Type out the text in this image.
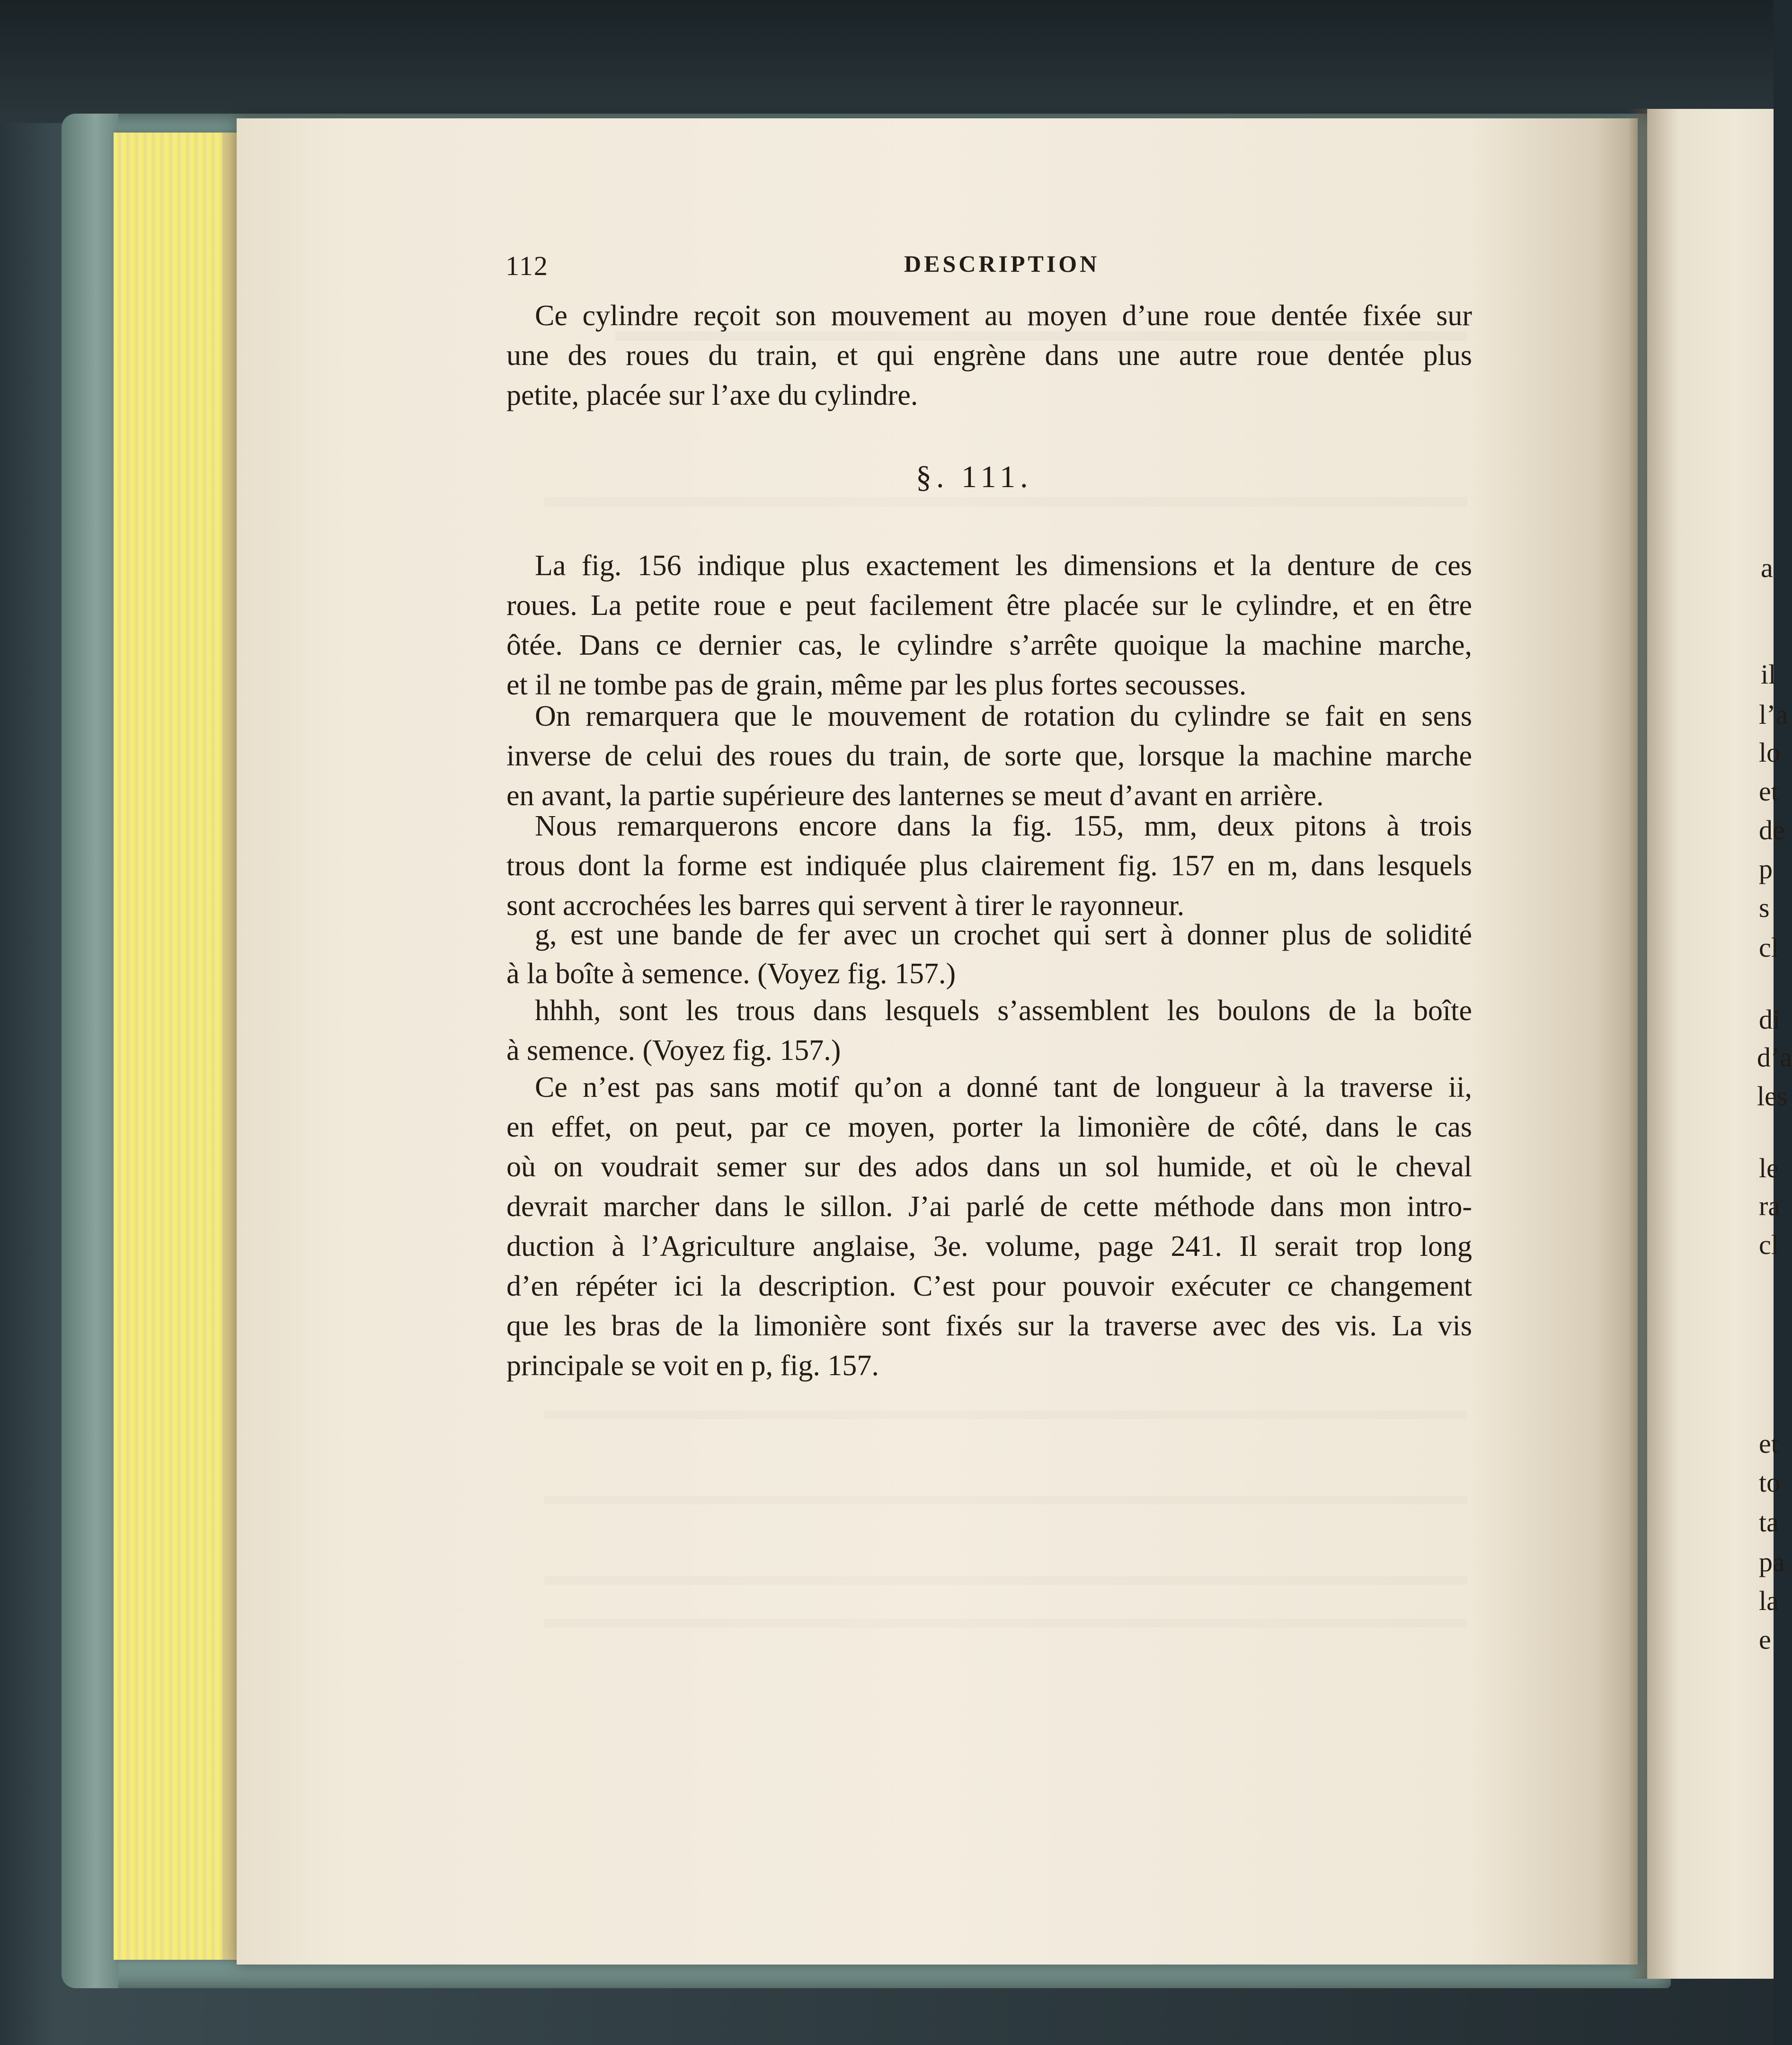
112	DESCRIPTION
Ce cylindre reçoit son mouvement au moyen d’une roue dentée fixée sur
une des roues du train, et qui engrène dans une autre roue dentée plus
petite, placée sur l’axe du cylindre.
§. 111.
La fig. 156 indique plus exactement les dimensions et la denture de ces
roues. La petite roue e peut facilement être placée sur le cylindre, et en être
ôtée. Dans ce dernier cas, le cylindre s’arrête quoique la machine marche,
et il ne tombe pas de grain, même par les plus fortes secousses.
On remarquera que le mouvement de rotation du cylindre se fait en sens
inverse de celui des roues du train, de sorte que, lorsque la machine marche
en avant, la partie supérieure des lanternes se meut d’avant en arrière.
Nous remarquerons encore dans la fig. 155, mm, deux pitons à trois
trous dont la forme est indiquée plus clairement fig. 157 en m, dans lesquels
sont accrochées les barres qui servent à tirer le rayonneur.
g, est une bande de fer avec un crochet qui sert à donner plus de solidité
à la boîte à semence. (Voyez fig. 157.)
hhhh, sont les trous dans lesquels s’assemblent les boulons de la boîte
à semence. (Voyez fig. 157.)
Ce n’est pas sans motif qu’on a donné tant de longueur à la traverse ii,
en effet, on peut, par ce moyen, porter la limonière de côté, dans le cas
où on voudrait semer sur des ados dans un sol humide, et où le cheval
devrait marcher dans le sillon. J’ai parlé de cette méthode dans mon intro-
duction à l’Agriculture anglaise, 3e. volume, page 241. Il serait trop long
d’en répéter ici la description. C’est pour pouvoir exécuter ce changement
que les bras de la limonière sont fixés sur la traverse avec des vis. La vis
principale se voit en p, fig. 157.
a
il
l’a
lo
et
de
p
s
cl
di
d’a
les
le
ra
cl
et
to
ta
pa
la
e
